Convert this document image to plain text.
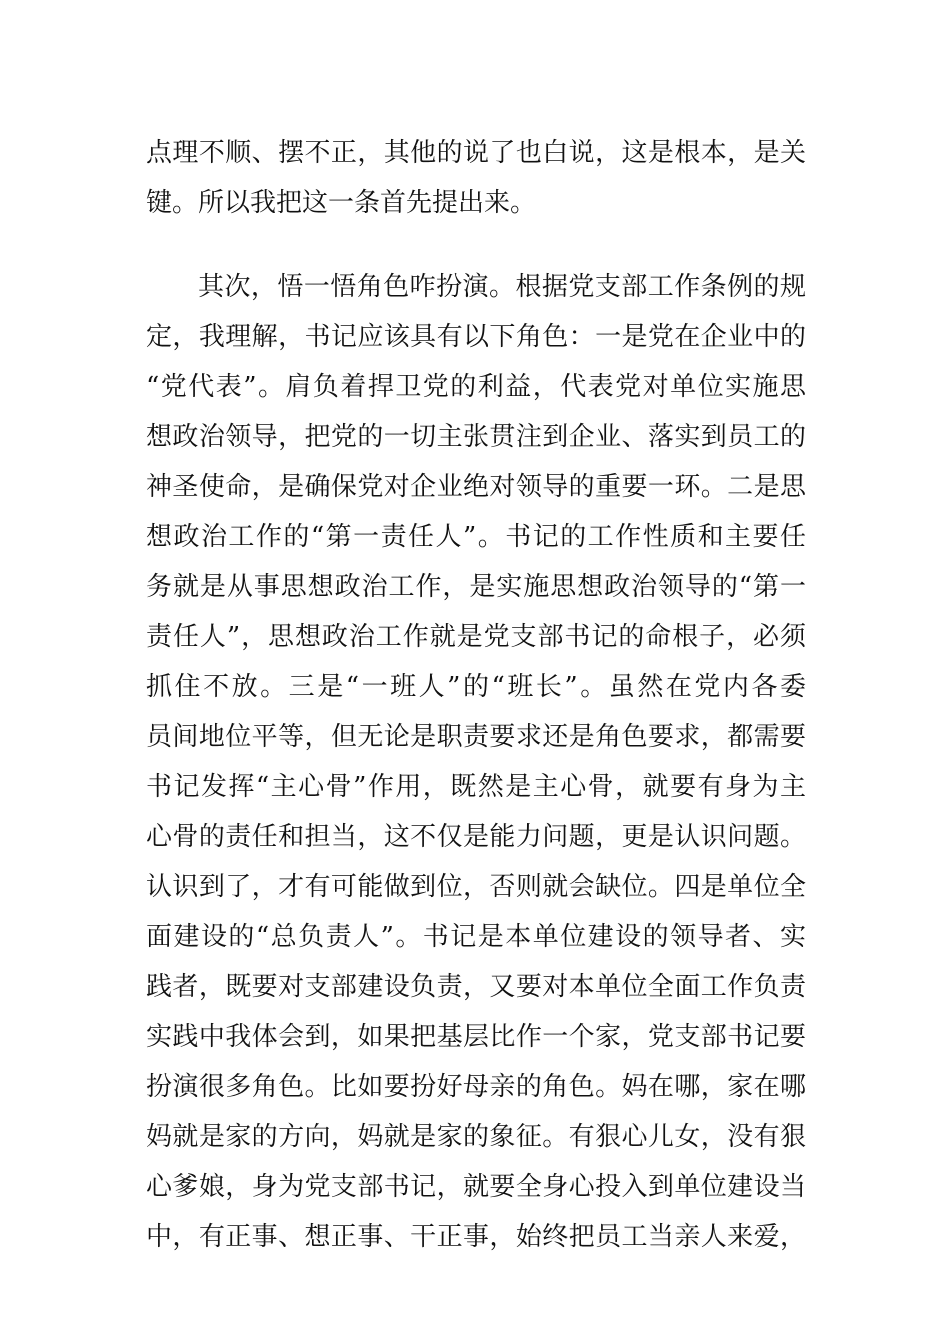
点理不顺、摆不正，其他的说了也白说，这是根本，是关
键。所以我把这一条首先提出来。
其次，悟一悟角色咋扮演。根据党支部工作条例的规
定，我理解，书记应该具有以下角色：一是党在企业中的
“党代表”。肩负着捍卫党的利益，代表党对单位实施思
想政治领导，把党的一切主张贯注到企业、落实到员工的
神圣使命，是确保党对企业绝对领导的重要一环。二是思
想政治工作的“第一责任人”。书记的工作性质和主要任
务就是从事思想政治工作，是实施思想政治领导的“第一
责任人”，思想政治工作就是党支部书记的命根子，必须
抓住不放。三是“一班人”的“班长”。虽然在党内各委
员间地位平等，但无论是职责要求还是角色要求，都需要
书记发挥“主心骨”作用，既然是主心骨，就要有身为主
心骨的责任和担当，这不仅是能力问题，更是认识问题。
认识到了，才有可能做到位，否则就会缺位。四是单位全
面建设的“总负责人”。书记是本单位建设的领导者、实
践者，既要对支部建设负责，又要对本单位全面工作负责
实践中我体会到，如果把基层比作一个家，党支部书记要
扮演很多角色。比如要扮好母亲的角色。妈在哪，家在哪
妈就是家的方向，妈就是家的象征。有狠心儿女，没有狠
心爹娘，身为党支部书记，就要全身心投入到单位建设当
中，有正事、想正事、干正事，始终把员工当亲人来爱，
